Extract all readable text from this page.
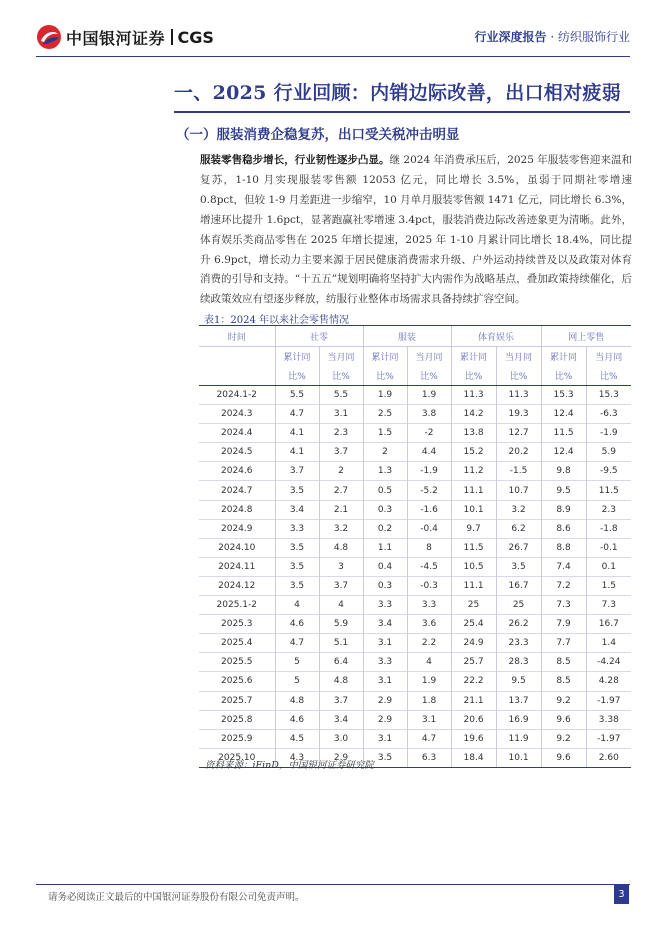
中国银河证券 CGS	行业深度报告 · 纺织服饰行业
一、2025 行业回顾：内销边际改善，出口相对疲弱
（一）服装消费企稳复苏，出口受关税冲击明显
服装零售稳步增长，行业韧性逐步凸显。继 2024 年消费承压后，2025 年服装零售迎来温和复苏，1-10 月实现服装零售额 12053 亿元，同比增长 3.5%，虽弱于同期社零增速 0.8pct，但较 1-9 月差距进一步缩窄，10 月单月服装零售额 1471 亿元，同比增长 6.3%，增速环比提升 1.6pct，显著跑赢社零增速 3.4pct，服装消费边际改善迹象更为清晰。此外，体育娱乐类商品零售在 2025 年增长提速，2025 年 1-10 月累计同比增长 18.4%，同比提升 6.9pct，增长动力主要来源于居民健康消费需求升级、户外运动持续普及以及政策对体育消费的引导和支持。“十五五”规划明确将坚持扩大内需作为战略基点，叠加政策持续催化，后续政策效应有望逐步释放，纺服行业整体市场需求具备持续扩容空间。
表1：2024 年以来社会零售情况
时间	社零		服装		体育娱乐		网上零售	
	累计同	当月同	累计同	当月同	累计同	当月同	累计同	当月同
	比%	比%	比%	比%	比%	比%	比%	比%
2024.1-2	5.5	5.5	1.9	1.9	11.3	11.3	15.3	15.3
2024.3	4.7	3.1	2.5	3.8	14.2	19.3	12.4	-6.3
2024.4	4.1	2.3	1.5	-2	13.8	12.7	11.5	-1.9
2024.5	4.1	3.7	2	4.4	15.2	20.2	12.4	5.9
2024.6	3.7	2	1.3	-1.9	11.2	-1.5	9.8	-9.5
2024.7	3.5	2.7	0.5	-5.2	11.1	10.7	9.5	11.5
2024.8	3.4	2.1	0.3	-1.6	10.1	3.2	8.9	2.3
2024.9	3.3	3.2	0.2	-0.4	9.7	6.2	8.6	-1.8
2024.10	3.5	4.8	1.1	8	11.5	26.7	8.8	-0.1
2024.11	3.5	3	0.4	-4.5	10.5	3.5	7.4	0.1
2024.12	3.5	3.7	0.3	-0.3	11.1	16.7	7.2	1.5
2025.1-2	4	4	3.3	3.3	25	25	7.3	7.3
2025.3	4.6	5.9	3.4	3.6	25.4	26.2	7.9	16.7
2025.4	4.7	5.1	3.1	2.2	24.9	23.3	7.7	1.4
2025.5	5	6.4	3.3	4	25.7	28.3	8.5	-4.24
2025.6	5	4.8	3.1	1.9	22.2	9.5	8.5	4.28
2025.7	4.8	3.7	2.9	1.8	21.1	13.7	9.2	-1.97
2025.8	4.6	3.4	2.9	3.1	20.6	16.9	9.6	3.38
2025.9	4.5	3.0	3.1	4.7	19.6	11.9	9.2	-1.97
2025.10	4.3	2.9	3.5	6.3	18.4	10.1	9.6	2.60
资料来源：iFinD，中国银河证券研究院
请务必阅读正文最后的中国银河证券股份有限公司免责声明。	3
